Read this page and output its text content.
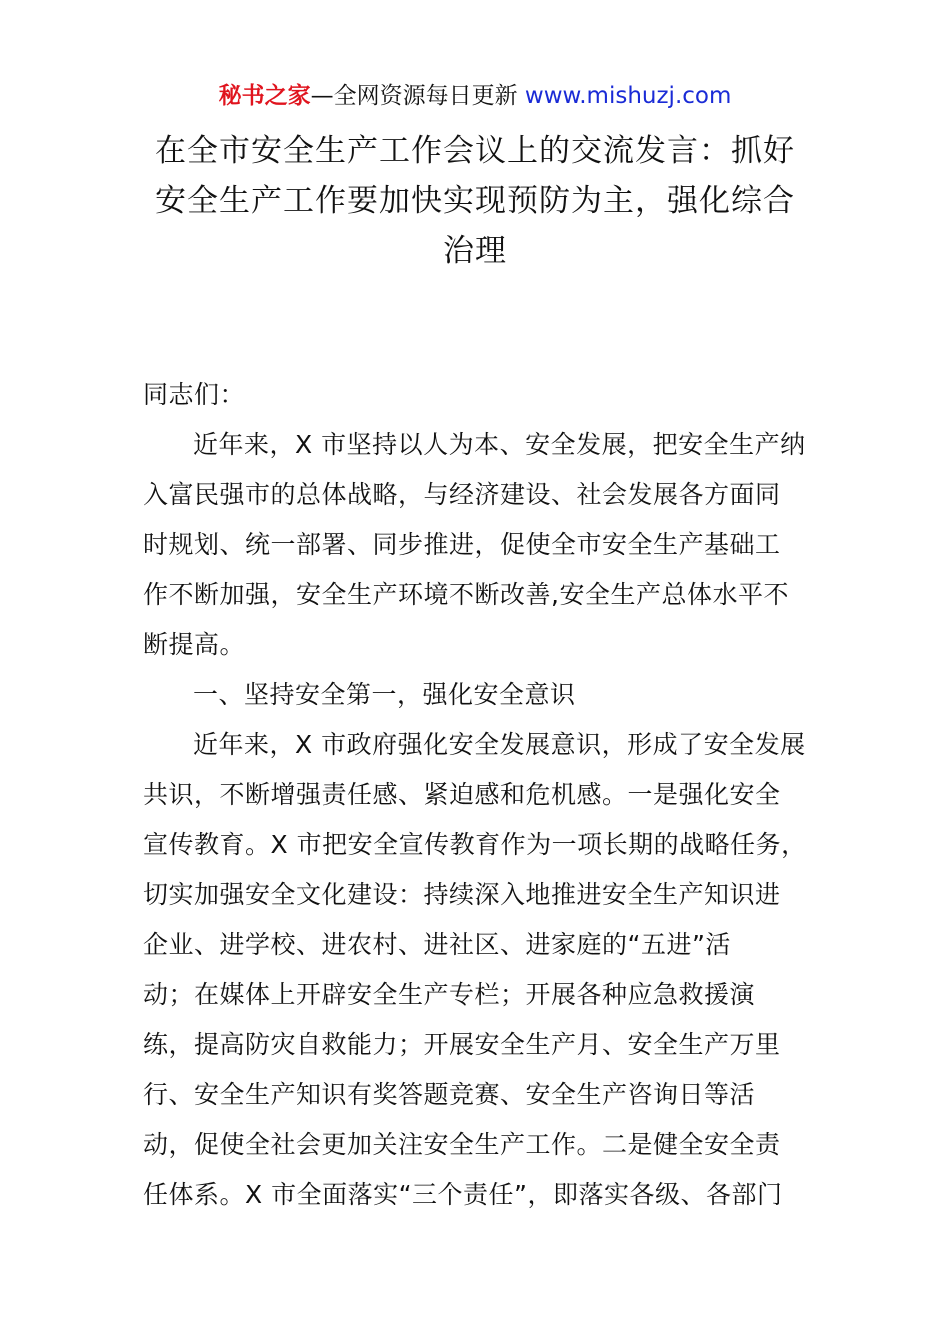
秘书之家—全网资源每日更新 www.mishuzj.com
在全市安全生产工作会议上的交流发言：抓好
安全生产工作要加快实现预防为主，强化综合
治理
同志们：
近年来，X 市坚持以人为本、安全发展，把安全生产纳
入富民强市的总体战略，与经济建设、社会发展各方面同
时规划、统一部署、同步推进，促使全市安全生产基础工
作不断加强，安全生产环境不断改善,安全生产总体水平不
断提高。
一、坚持安全第一，强化安全意识
近年来，X 市政府强化安全发展意识，形成了安全发展
共识，不断增强责任感、紧迫感和危机感。一是强化安全
宣传教育。X 市把安全宣传教育作为一项长期的战略任务，
切实加强安全文化建设：持续深入地推进安全生产知识进
企业、进学校、进农村、进社区、进家庭的“五进”活
动；在媒体上开辟安全生产专栏；开展各种应急救援演
练，提高防灾自救能力；开展安全生产月、安全生产万里
行、安全生产知识有奖答题竞赛、安全生产咨询日等活
动，促使全社会更加关注安全生产工作。二是健全安全责
任体系。X 市全面落实“三个责任”，即落实各级、各部门
